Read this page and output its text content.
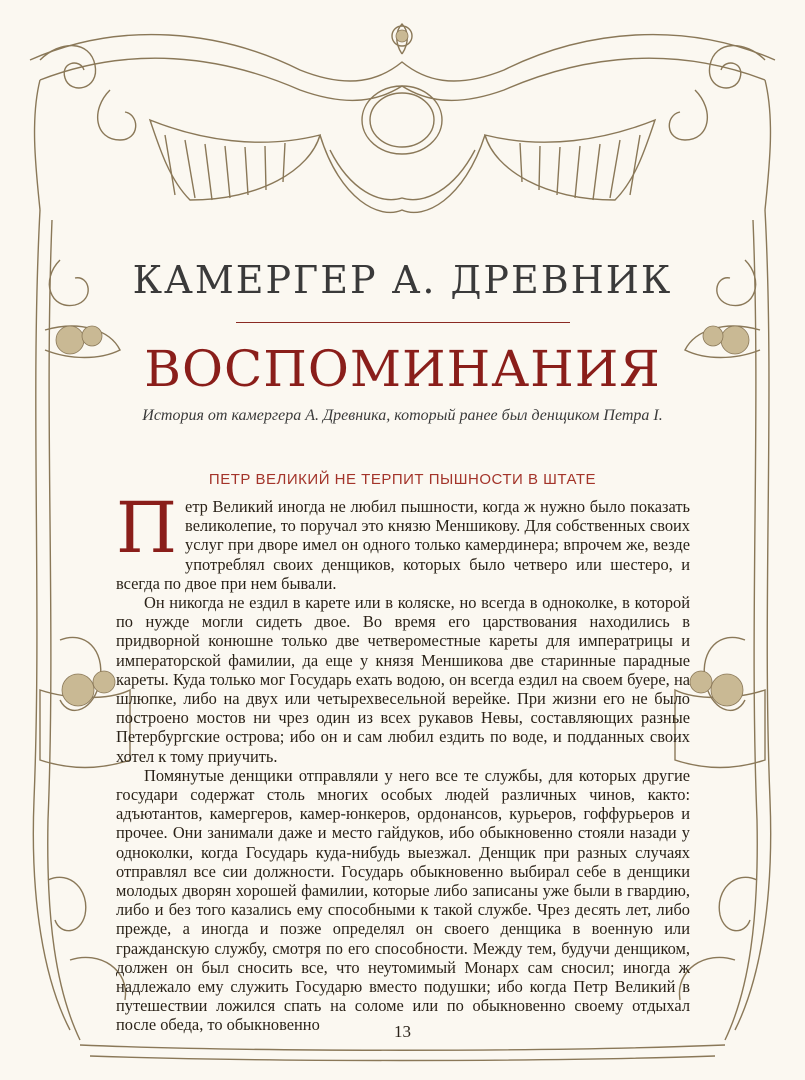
КАМЕРГЕР А. ДРЕВНИК
ВОСПОМИНАНИЯ
История от камергера А. Древника, который ранее был денщиком Петра I.
ПЕТР ВЕЛИКИЙ НЕ ТЕРПИТ ПЫШНОСТИ В ШТАТЕ

Петр Великий иногда не любил пышности, когда ж нужно было показать великолепие, то поручал это князю Меншикову. Для собственных своих услуг при дворе имел он одного только камердинера; впрочем же, везде употреблял своих денщиков, которых было четверо или шестеро, и всегда по двое при нем бывали.

Он никогда не ездил в карете или в коляске, но всегда в одноколке, в которой по нужде могли сидеть двое. Во время его царствования находились в придворной конюшне только две четвероместные кареты для императрицы и императорской фамилии, да еще у князя Меншикова две старинные парадные кареты. Куда только мог Государь ехать водою, он всегда ездил на своем буере, на шлюпке, либо на двух или четырехвесельной верейке. При жизни его не было построено мостов ни чрез один из всех рукавов Невы, составляющих разные Петербургские острова; ибо он и сам любил ездить по воде, и подданных своих хотел к тому приучить.

Помянутые денщики отправляли у него все те службы, для которых другие государи содержат столь многих особых людей различных чинов, както: адъютантов, камергеров, камер-юнкеров, ордонансов, курьеров, гоффурьеров и прочее. Они занимали даже и место гайдуков, ибо обыкновенно стояли назади у одноколки, когда Государь куда-нибудь выезжал. Денщик при разных случаях отправлял все сии должности. Государь обыкновенно выбирал себе в денщики молодых дворян хорошей фамилии, которые либо записаны уже были в гвардию, либо и без того казались ему способными к такой службе. Чрез десять лет, либо прежде, а иногда и позже определял он своего денщика в военную или гражданскую службу, смотря по его способности. Между тем, будучи денщиком, должен он был сносить все, что неутомимый Монарх сам сносил; иногда ж надлежало ему служить Государю вместо подушки; ибо когда Петр Великий в путешествии ложился спать на соломе или по обыкновенно своему отдыхал после обеда, то обыкновенно	13
